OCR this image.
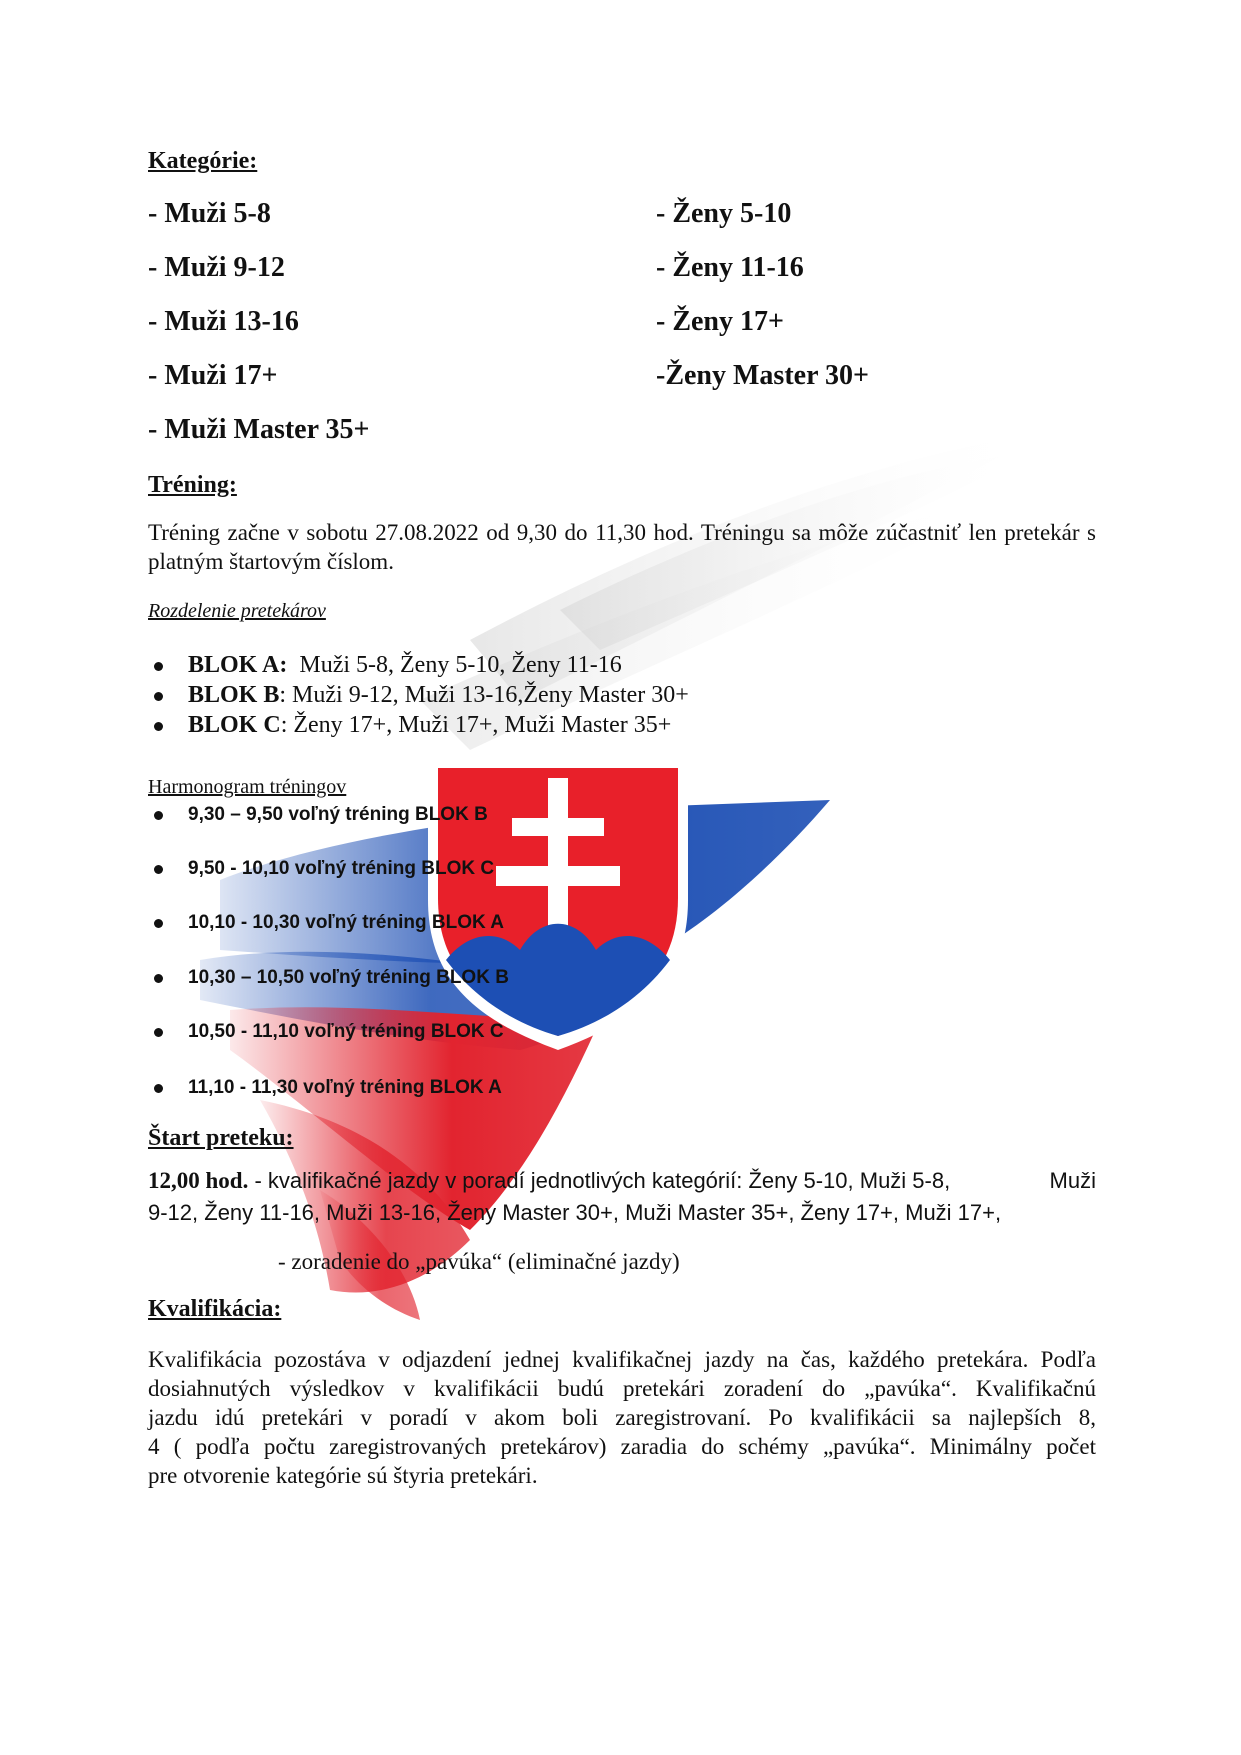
Kategórie:
- Muži 5-8
- Muži 9-12
- Muži 13-16
- Muži 17+
- Muži Master 35+
- Ženy 5-10
- Ženy 11-16
- Ženy 17+
-Ženy Master 30+
Tréning:
Tréning začne v sobotu 27.08.2022 od 9,30 do 11,30 hod. Tréningu sa môže zúčastniť len pretekár s platným štartovým číslom.
Rozdelenie pretekárov
BLOK A:  Muži 5-8, Ženy 5-10, Ženy 11-16
BLOK B: Muži 9-12, Muži 13-16,Ženy Master 30+
BLOK C: Ženy 17+, Muži 17+, Muži Master 35+
Harmonogram tréningov
9,30 – 9,50 voľný tréning BLOK B
9,50 - 10,10 voľný tréning BLOK C
10,10 - 10,30 voľný tréning BLOK A
10,30 – 10,50 voľný tréning BLOK B
10,50 - 11,10 voľný tréning BLOK C
11,10 - 11,30 voľný tréning BLOK A
Štart preteku:
12,00 hod. - kvalifikačné jazdy v poradí jednotlivých kategórií: Ženy 5-10, Muži 5-8,	Muži
9-12, Ženy 11-16, Muži 13-16, Ženy Master 30+, Muži Master 35+, Ženy 17+, Muži 17+,
- zoradenie do „pavúka“ (eliminačné jazdy)
Kvalifikácia:
Kvalifikácia pozostáva v odjazdení jednej kvalifikačnej jazdy na čas, každého pretekára. Podľa
dosiahnutých výsledkov v kvalifikácii budú pretekári zoradení do „pavúka“. Kvalifikačnú
jazdu idú pretekári v poradí v akom boli zaregistrovaní. Po kvalifikácii sa najlepších 8,
4 ( podľa počtu zaregistrovaných pretekárov) zaradia do schémy „pavúka“. Minimálny počet
pre otvorenie kategórie sú štyria pretekári.
